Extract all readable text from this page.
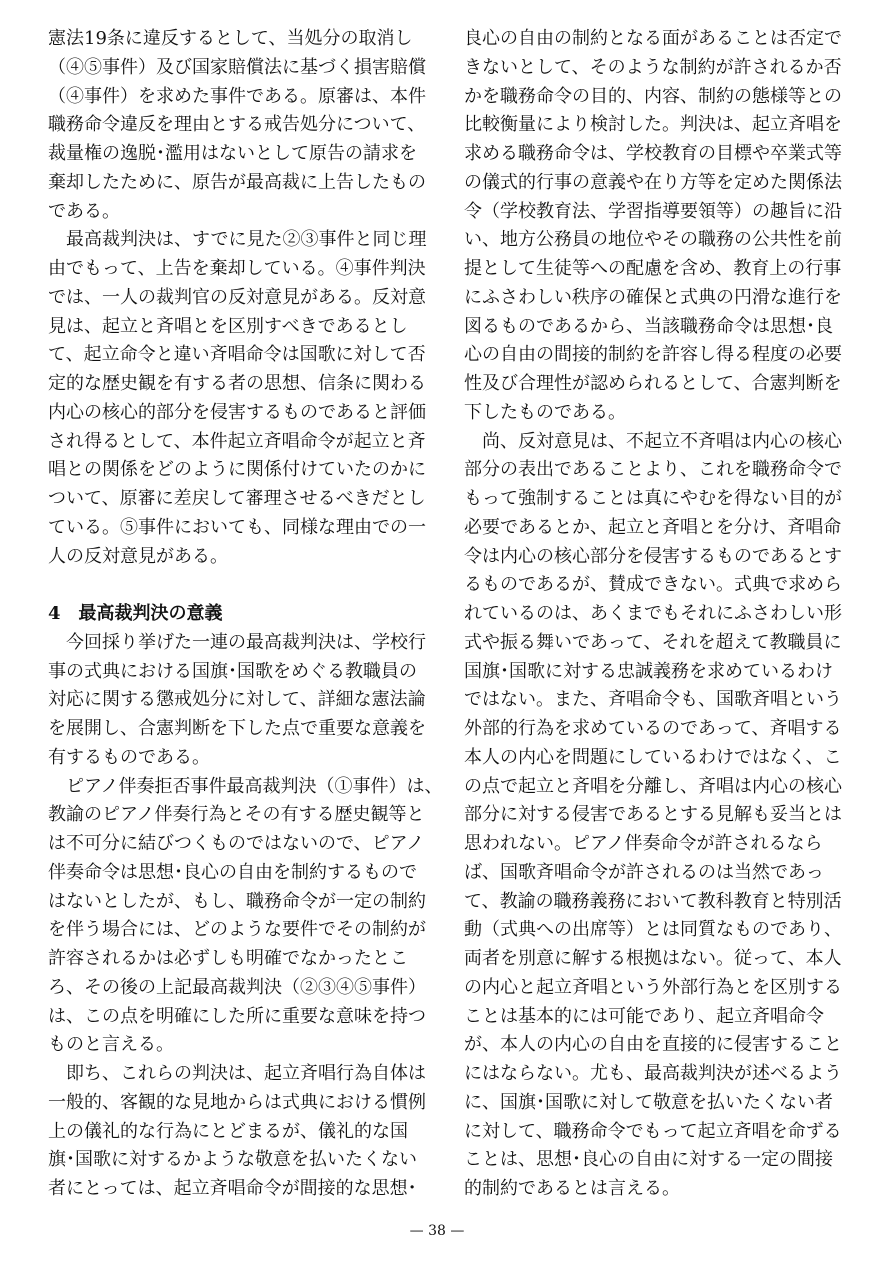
憲法19条に違反するとして、当処分の取消し
（④⑤事件）及び国家賠償法に基づく損害賠償
（④事件）を求めた事件である。原審は、本件
職務命令違反を理由とする戒告処分について、
裁量権の逸脱･濫用はないとして原告の請求を
棄却したために、原告が最高裁に上告したもの
である。
　最高裁判決は、すでに見た②③事件と同じ理
由でもって、上告を棄却している。④事件判決
では、一人の裁判官の反対意見がある。反対意
見は、起立と斉唱とを区別すべきであるとし
て、起立命令と違い斉唱命令は国歌に対して否
定的な歴史観を有する者の思想、信条に関わる
内心の核心的部分を侵害するものであると評価
され得るとして、本件起立斉唱命令が起立と斉
唱との関係をどのように関係付けていたのかに
ついて、原審に差戻して審理させるべきだとし
ている。⑤事件においても、同様な理由での一
人の反対意見がある。
4　最高裁判決の意義
　今回採り挙げた一連の最高裁判決は、学校行
事の式典における国旗･国歌をめぐる教職員の
対応に関する懲戒処分に対して、詳細な憲法論
を展開し、合憲判断を下した点で重要な意義を
有するものである。
　ピアノ伴奏拒否事件最高裁判決（①事件）は、
教諭のピアノ伴奏行為とその有する歴史観等と
は不可分に結びつくものではないので、ピアノ
伴奏命令は思想･良心の自由を制約するもので
はないとしたが、もし、職務命令が一定の制約
を伴う場合には、どのような要件でその制約が
許容されるかは必ずしも明確でなかったとこ
ろ、その後の上記最高裁判決（②③④⑤事件）
は、この点を明確にした所に重要な意味を持つ
ものと言える。
　即ち、これらの判決は、起立斉唱行為自体は
一般的、客観的な見地からは式典における慣例
上の儀礼的な行為にとどまるが、儀礼的な国
旗･国歌に対するかような敬意を払いたくない
者にとっては、起立斉唱命令が間接的な思想･
良心の自由の制約となる面があることは否定で
きないとして、そのような制約が許されるか否
かを職務命令の目的、内容、制約の態様等との
比較衡量により検討した。判決は、起立斉唱を
求める職務命令は、学校教育の目標や卒業式等
の儀式的行事の意義や在り方等を定めた関係法
令（学校教育法、学習指導要領等）の趣旨に沿
い、地方公務員の地位やその職務の公共性を前
提として生徒等への配慮を含め、教育上の行事
にふさわしい秩序の確保と式典の円滑な進行を
図るものであるから、当該職務命令は思想･良
心の自由の間接的制約を許容し得る程度の必要
性及び合理性が認められるとして、合憲判断を
下したものである。
　尚、反対意見は、不起立不斉唱は内心の核心
部分の表出であることより、これを職務命令で
もって強制することは真にやむを得ない目的が
必要であるとか、起立と斉唱とを分け、斉唱命
令は内心の核心部分を侵害するものであるとす
るものであるが、賛成できない。式典で求めら
れているのは、あくまでもそれにふさわしい形
式や振る舞いであって、それを超えて教職員に
国旗･国歌に対する忠誠義務を求めているわけ
ではない。また、斉唱命令も、国歌斉唱という
外部的行為を求めているのであって、斉唱する
本人の内心を問題にしているわけではなく、こ
の点で起立と斉唱を分離し、斉唱は内心の核心
部分に対する侵害であるとする見解も妥当とは
思われない。ピアノ伴奏命令が許されるなら
ば、国歌斉唱命令が許されるのは当然であっ
て、教諭の職務義務において教科教育と特別活
動（式典への出席等）とは同質なものであり、
両者を別意に解する根拠はない。従って、本人
の内心と起立斉唱という外部行為とを区別する
ことは基本的には可能であり、起立斉唱命令
が、本人の内心の自由を直接的に侵害すること
にはならない。尤も、最高裁判決が述べるよう
に、国旗･国歌に対して敬意を払いたくない者
に対して、職務命令でもって起立斉唱を命ずる
ことは、思想･良心の自由に対する一定の間接
的制約であるとは言える。
— 38 —
